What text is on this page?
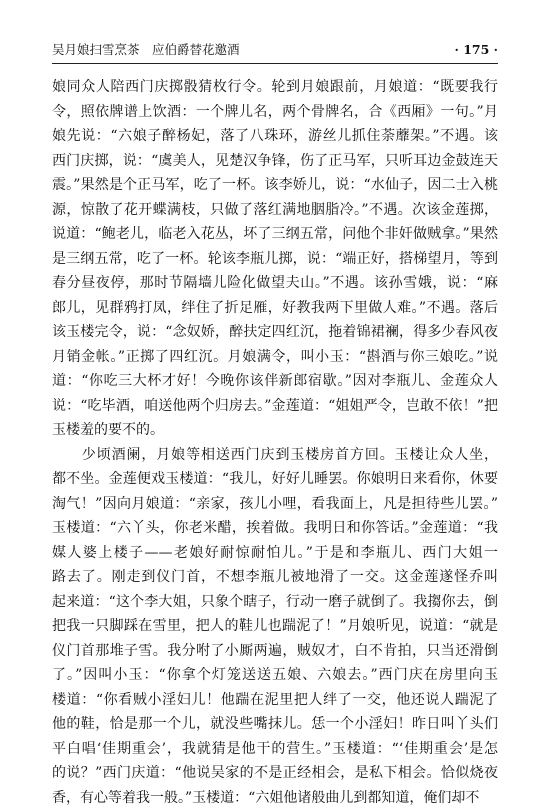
吴月娘扫雪烹茶　应伯爵替花邀酒	· 175 ·
娘同众人陪西门庆掷骰猜枚行令。轮到月娘跟前，月娘道：“既要我行
令，照依牌谱上饮酒：一个牌儿名，两个骨牌名，合《西厢》一句。”月
娘先说：“六娘子醉杨妃，落了八珠环，游丝儿抓住荼蘼架。”不遇。该
西门庆掷，说：“虞美人，见楚汉争锋，伤了正马军，只听耳边金鼓连天
震。”果然是个正马军，吃了一杯。该李娇儿，说：“水仙子，因二士入桃
源，惊散了花开蝶满枝，只做了落红满地胭脂冷。”不遇。次该金莲掷，
说道：“鲍老儿，临老入花丛，坏了三纲五常，问他个非奸做贼拿。”果然
是三纲五常，吃了一杯。轮该李瓶儿掷，说：“端正好，搭梯望月，等到
春分昼夜停，那时节隔墙儿险化做望夫山。”不遇。该孙雪娥，说：“麻
郎儿，见群鸦打凤，绊住了折足雁，好教我两下里做人难。”不遇。落后
该玉楼完令，说：“念奴娇，醉扶定四红沉，拖着锦裙襕，得多少春风夜
月销金帐。”正掷了四红沉。月娘满令，叫小玉：“斟酒与你三娘吃。”说
道：“你吃三大杯才好！今晚你该伴新郎宿歇。”因对李瓶儿、金莲众人
说：“吃毕酒，咱送他两个归房去。”金莲道：“姐姐严令，岂敢不依！”把
玉楼羞的要不的。
　　少顷酒阑，月娘等相送西门庆到玉楼房首方回。玉楼让众人坐，
都不坐。金莲便戏玉楼道：“我儿，好好儿睡罢。你娘明日来看你，休要
淘气！”因向月娘道：“亲家，孩儿小哩，看我面上，凡是担待些儿罢。”
玉楼道：“六丫头，你老米醋，挨着做。我明日和你答话。”金莲道：“我
媒人婆上楼子——老娘好耐惊耐怕儿。”于是和李瓶儿、西门大姐一
路去了。刚走到仪门首，不想李瓶儿被地滑了一交。这金莲遂怪乔叫
起来道：“这个李大姐，只象个瞎子，行动一磨子就倒了。我搊你去，倒
把我一只脚踩在雪里，把人的鞋儿也踹泥了！”月娘听见，说道：“就是
仪门首那堆子雪。我分咐了小厮两遍，贼奴才，白不肯拍，只当还滑倒
了。”因叫小玉：“你拿个灯笼送送五娘、六娘去。”西门庆在房里向玉
楼道：“你看贼小淫妇儿！他踹在泥里把人绊了一交，他还说人踹泥了
他的鞋，恰是那一个儿，就没些嘴抹儿。恁一个小淫妇！昨日叫丫头们
平白唱‘佳期重会’，我就猜是他干的营生。”玉楼道：“‘佳期重会’是怎
的说？”西门庆道：“他说吴家的不是正经相会，是私下相会。恰似烧夜
香，有心等着我一般。”玉楼道：“六姐他诸般曲儿到都知道，俺们却不
